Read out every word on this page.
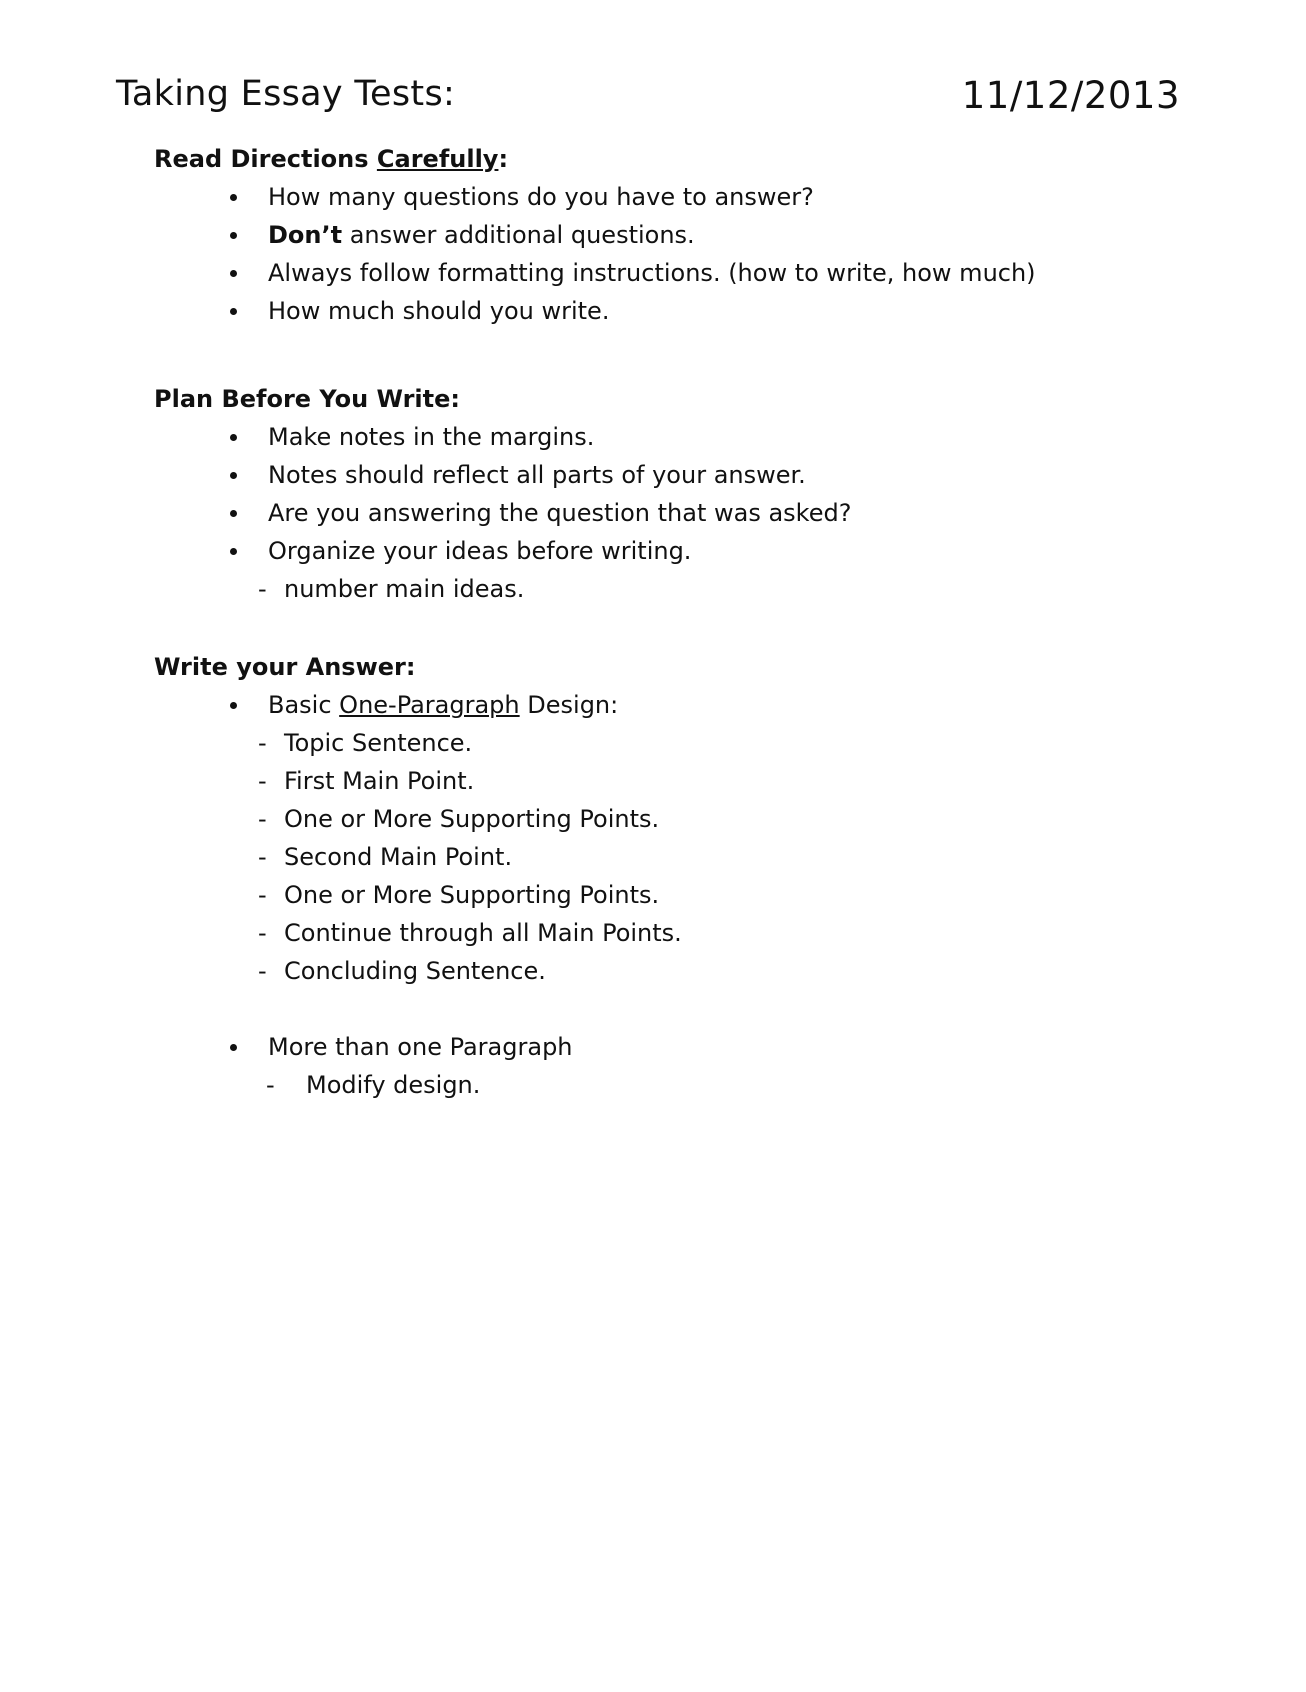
Taking Essay Tests:	11/12/2013
Read Directions Carefully:
How many questions do you have to answer?
Don’t answer additional questions.
Always follow formatting instructions. (how to write, how much)
How much should you write.
Plan Before You Write:
Make notes in the margins.
Notes should reflect all parts of your answer.
Are you answering the question that was asked?
Organize your ideas before writing.
- number main ideas.
Write your Answer:
Basic One-Paragraph Design:
- Topic Sentence.
- First Main Point.
- One or More Supporting Points.
- Second Main Point.
- One or More Supporting Points.
- Continue through all Main Points.
- Concluding Sentence.
More than one Paragraph
- Modify design.
